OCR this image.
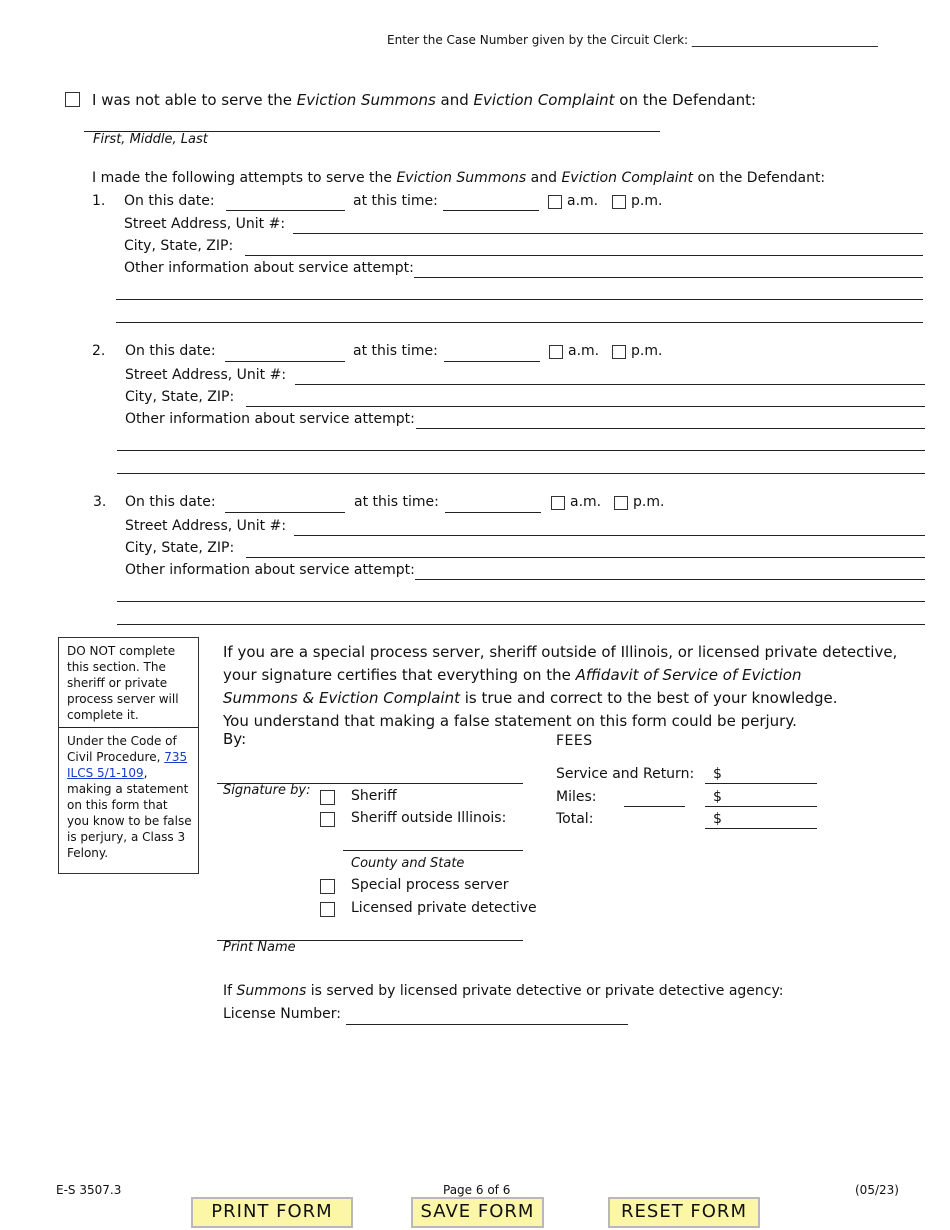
Enter the Case Number given by the Circuit Clerk: _______________________________
I was not able to serve the Eviction Summons and Eviction Complaint on the Defendant:
First, Middle, Last
I made the following attempts to serve the Eviction Summons and Eviction Complaint on the Defendant:
1. On this date:	at this time:	a.m. p.m.
Street Address, Unit #:
City, State, ZIP:
Other information about service attempt:
2. On this date:	at this time:	a.m. p.m.
Street Address, Unit #:
City, State, ZIP:
Other information about service attempt:
3. On this date:	at this time:	a.m. p.m.
Street Address, Unit #:
City, State, ZIP:
Other information about service attempt:
DO NOT complete this section. The sheriff or private process server will complete it.
Under the Code of Civil Procedure, 735 ILCS 5/1-109, making a statement on this form that you know to be false is perjury, a Class 3 Felony.
If you are a special process server, sheriff outside of Illinois, or licensed private detective,
your signature certifies that everything on the Affidavit of Service of Eviction
Summons & Eviction Complaint is true and correct to the best of your knowledge.
You understand that making a false statement on this form could be perjury.
By:
Signature by:	Sheriff
Sheriff outside Illinois:
County and State
Special process server
Licensed private detective
Print Name
FEES
Service and Return: $
Miles:	$
Total:	$
If Summons is served by licensed private detective or private detective agency:
License Number:
E-S 3507.3	Page 6 of 6	(05/23)
PRINT FORM	SAVE FORM	RESET FORM
